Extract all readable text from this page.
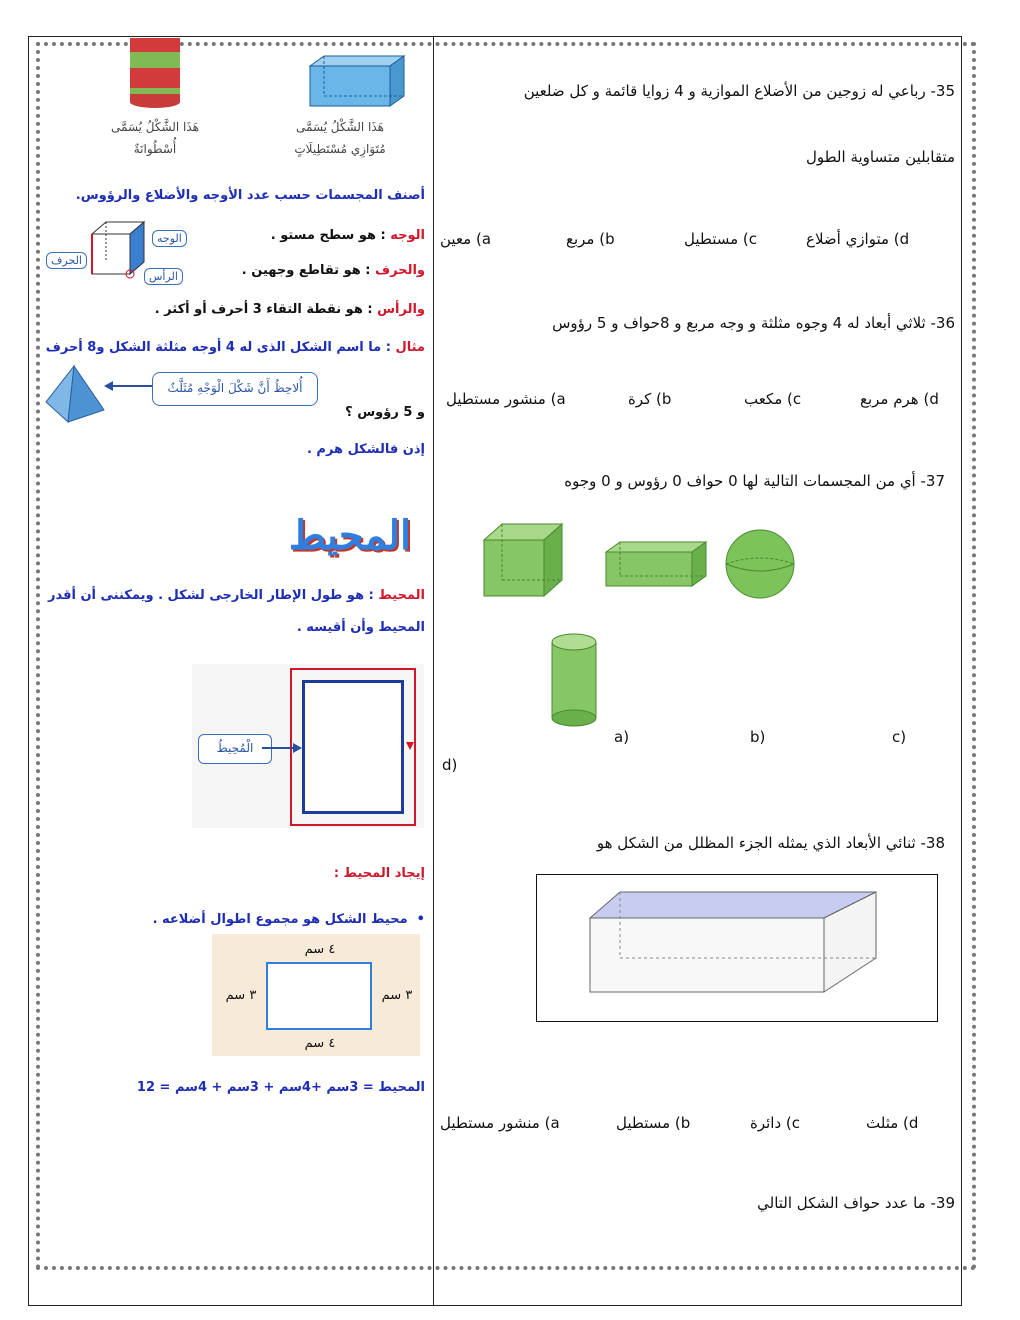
هَذَا الشَّكْلُ يُسَمَّى
مُتَوَازِي مُسْتَطِيلَاتٍ
هَذَا الشَّكْلُ يُسَمَّى
أُسْطُوانَةٌ
أصنف المجسمات حسب عدد الأوجه والأضلاع والرؤوس.
الوجه : هو سطح مستو .
والحرف : هو تقاطع وجهين .
والرأس : هو نقطة التقاء 3 أحرف أو أكثر .
الوجه
الحرف
الرأس
مثال : ما اسم الشكل الذى له 4 أوجه مثلثة الشكل و8 أحرف
أُلاحِظُ أَنَّ شَكْلَ الْوَجْهِ مُثَلَّثٌ
و 5 رؤوس ؟
إذن فالشكل هرم .
المحيط
المحيط : هو طول الإطار الخارجى لشكل . ويمكننى أن أقدر المحيط وأن أقيسه .
الْمُحِيطُ
إيجاد المحيط :
•  محيط الشكل هو مجموع اطوال أضلاعه .
٤ سم
٤ سم
٣ سم	٣ سم
المحيط = 3سم +4سم + 3سم + 4سم = 12
35- رباعي له زوجين من الأضلاع الموازية و 4 زوايا قائمة و كل ضلعين
متقابلين متساوية الطول
a) معين	b) مربع	c) مستطيل	d) متوازي أضلاع
36- ثلاثي أبعاد له 4 وجوه مثلثة و وجه مربع و 8حواف و 5 رؤوس
a) منشور مستطيل	b) كرة	c) مكعب	d) هرم مربع
37- أي من المجسمات التالية لها 0 حواف 0 رؤوس و 0 وجوه
a)	b)	c)
d)
38- ثنائي الأبعاد الذي يمثله الجزء المظلل من الشكل هو
a) منشور مستطيل	b) مستطيل	c) دائرة	d) مثلث
39- ما عدد حواف الشكل التالي
